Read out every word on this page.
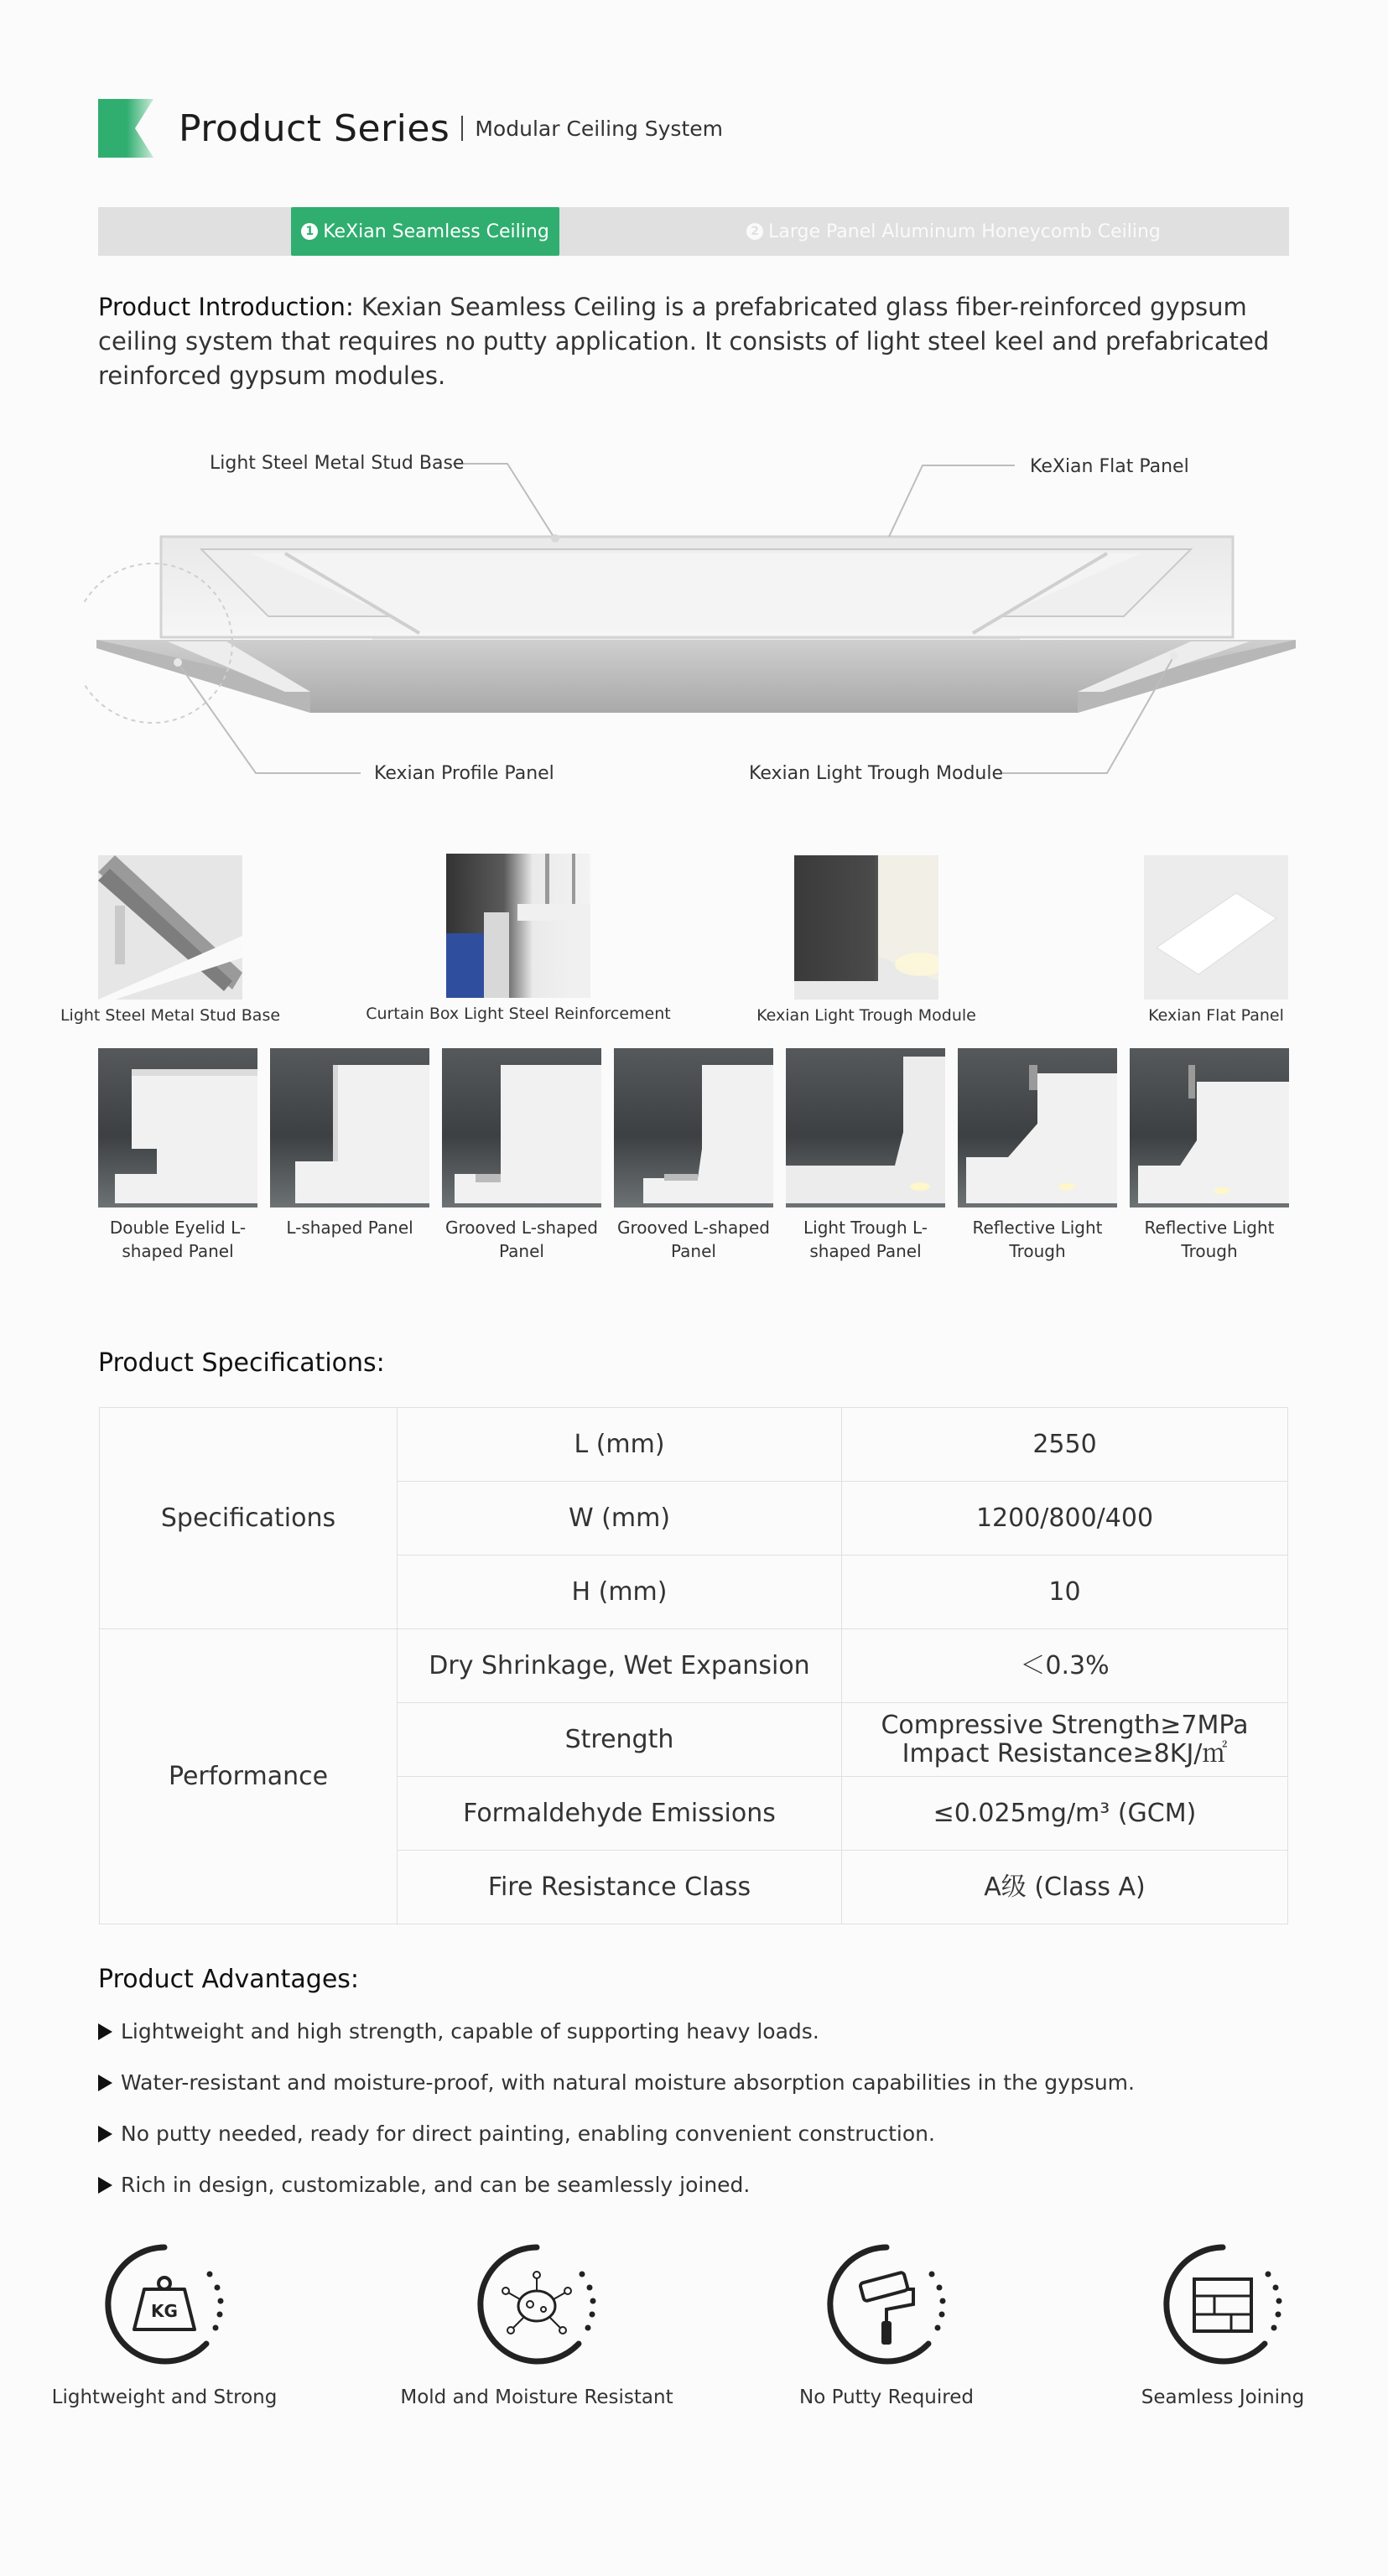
Product Series Modular Ceiling System
1 KeXian Seamless Ceiling	2 Large Panel Aluminum Honeycomb Ceiling

Product Introduction: Kexian Seamless Ceiling is a prefabricated glass fiber-reinforced gypsum ceiling system that requires no putty application. It consists of light steel keel and prefabricated reinforced gypsum modules.

Light Steel Metal Stud Base	KeXian Flat Panel
Kexian Profile Panel	Kexian Light Trough Module
Light Steel Metal Stud Base	Curtain Box Light Steel Reinforcement	Kexian Light Trough Module	Kexian Flat Panel
Double Eyelid L-shaped Panel
L-shaped Panel	Grooved L-shaped Panel
Grooved L-shaped Panel
Light Trough L-shaped Panel
Reflective Light Trough
Reflective Light Trough
Product Specifications:
Specifications	L (mm)	2550
	W (mm)	1200/800/400
	H (mm)	10
Performance	Dry Shrinkage, Wet Expansion	＜0.3%
	Strength	Compressive Strength≥7MPa
Impact Resistance≥8KJ/㎡

	Formaldehyde Emissions	≤0.025mg/m³ (GCM)
	Fire Resistance Class	A级 (Class A)
Product Advantages:
Lightweight and high strength, capable of supporting heavy loads.
Water-resistant and moisture-proof, with natural moisture absorption capabilities in the gypsum.
No putty needed, ready for direct painting, enabling convenient construction.
Rich in design, customizable, and can be seamlessly joined.
KG
Lightweight and Strong	Mold and Moisture Resistant	No Putty Required	Seamless Joining
